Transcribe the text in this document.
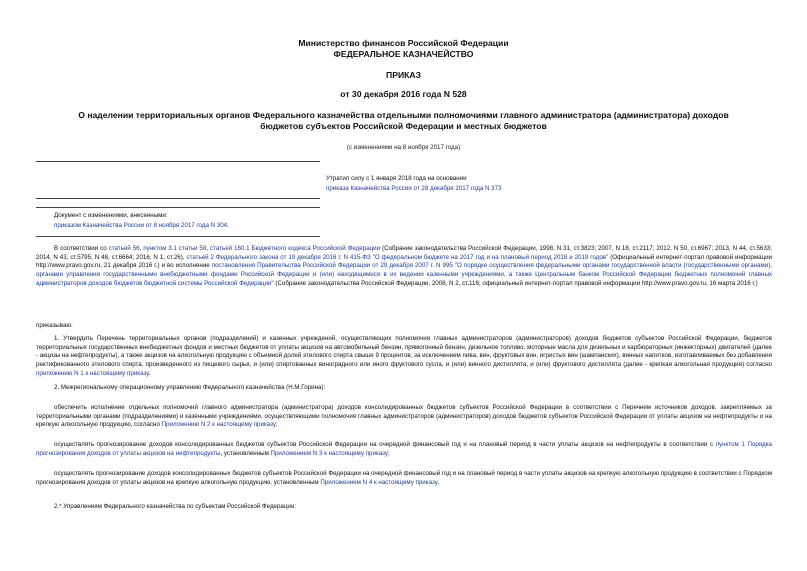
Министерство финансов Российской Федерации
ФЕДЕРАЛЬНОЕ КАЗНАЧЕЙСТВО
ПРИКАЗ
от 30 декабря 2016 года N 528
О наделении территориальных органов Федерального казначейства отдельными полномочиями главного администратора (администратора) доходов бюджетов субъектов Российской Федерации и местных бюджетов
(с изменениями на 8 ноября 2017 года)
Утратил силу с 1 января 2018 года на основании
приказа Казначейства России от 28 декабря 2017 года N 373
Документ с изменениями, внесенными:
приказом Казначейства России от 8 ноября 2017 года N 304.
В соответствии со статьей 56, пунктом 3.1 статьи 58, статьей 160.1 Бюджетного кодекса Российской Федерации (Собрание законодательства Российской Федерации, 1998, N 31, ст.3823; 2007, N 18, ст.2117; 2012, N 50, ст.6967; 2013, N 44, ст.5633; 2014, N 43, ст.5795, N 48, ст.6664; 2016, N 1, ст.26), статьей 2 Федерального закона от 19 декабря 2016 г. N 415-ФЗ "О федеральном бюджете на 2017 год и на плановый период 2018 и 2019 годов" (Официальный интернет-портал правовой информации http://www.pravo.gov.ru, 21 декабря 2016 г.) и во исполнение постановления Правительства Российской Федерации от 29 декабря 2007 г. N 995 "О порядке осуществления федеральными органами государственной власти (государственными органами), органами управления государственными внебюджетными фондами Российской Федерации и (или) находящимися в их ведении казенными учреждениями, а также Центральным банком Российской Федерации бюджетных полномочий главных администраторов доходов бюджетов бюджетной системы Российской Федерации" (Собрание законодательства Российской Федерации, 2008, N 2, ст.116; официальный интернет-портал правовой информации http://www.pravo.gov.ru, 16 марта 2016 г.)
приказываю:
1. Утвердить Перечень территориальных органов (подразделений) и казенных учреждений, осуществляющих полномочия главных администраторов (администраторов) доходов бюджетов субъектов Российской Федерации, бюджетов территориальных государственных внебюджетных фондов и местных бюджетов от уплаты акцизов на автомобильный бензин, прямогонный бензин, дизельное топливо, моторные масла для дизельных и карбюраторных (инжекторных) двигателей (далее - акцизы на нефтепродукты), а также акцизов на алкогольную продукцию с объемной долей этилового спирта свыше 9 процентов, за исключением пива, вин, фруктовых вин, игристых вин (шампанских), винных напитков, изготавливаемых без добавления ректификованного этилового спирта, произведенного из пищевого сырья, и (или) спиртованных виноградного или иного фруктового сусла, и (или) винного дистиллята, и (или) фруктового дистиллята (далее - крепкая алкогольная продукция) согласно приложению N 1 к настоящему приказу.
2. Межрегиональному операционному управлению Федерального казначейства (Н.М.Горина):
обеспечить исполнение отдельных полномочий главного администратора (администратора) доходов консолидированных бюджетов субъектов Российской Федерации в соответствии с Перечнем источников доходов, закрепляемых за территориальными органами (подразделениями) и казенными учреждениями, осуществляющими полномочия главных администраторов (администраторов) доходов бюджетов субъектов Российской Федерации от уплаты акцизов на нефтепродукты и на крепкую алкогольную продукцию, согласно Приложению N 2 к настоящему приказу;
осуществлять прогнозирование доходов консолидированных бюджетов субъектов Российской Федерации на очередной финансовый год и на плановый период в части уплаты акцизов на нефтепродукты в соответствии с пунктом 1 Порядка прогнозирования доходов от уплаты акцизов на нефтепродукты, установленным Приложением N 3 к настоящему приказу;
осуществлять прогнозирование доходов консолидированных бюджетов субъектов Российской Федерации на очередной финансовый год и на плановый период в части уплаты акцизов на крепкую алкогольную продукцию в соответствии с Порядком прогнозирования доходов от уплаты акцизов на крепкую алкогольную продукцию, установленным Приложением N 4 к настоящему приказу.
2.* Управлениям Федерального казначейства по субъектам Российской Федерации:
